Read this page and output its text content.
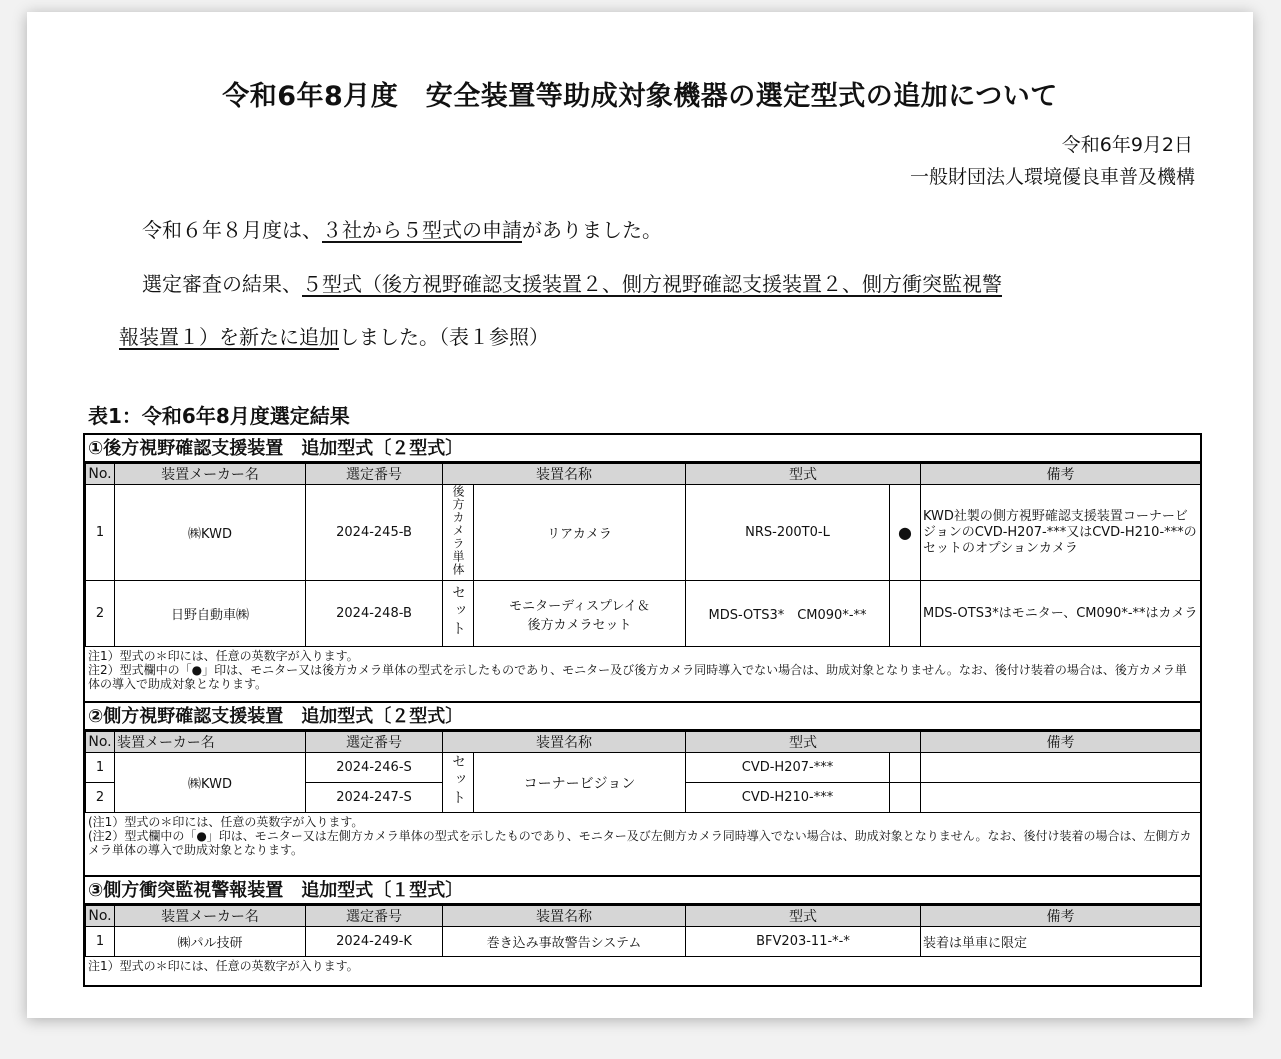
令和6年8月度　安全装置等助成対象機器の選定型式の追加について
令和6年9月2日
一般財団法人環境優良車普及機構
令和６年８月度は、３社から５型式の申請がありました。
選定審査の結果、５型式（後方視野確認支援装置２、側方視野確認支援装置２、側方衝突監視警
報装置１）を新たに追加しました。（表１参照）
表1：令和6年8月度選定結果
①後方視野確認支援装置　追加型式〔２型式〕
No.	装置メーカー名	選定番号	装置名称		型式		備考
1	㈱KWD	2024-245-B	後方カメラ単体	リアカメラ	NRS-200T0-L	●	KWD社製の側方視野確認支援装置コーナービジョンのCVD-H207-***又はCVD-H210-***のセットのオプションカメラ
2	日野自動車㈱	2024-248-B	セット	モニターディスプレイ＆
後方カメラセット	MDS-OTS3*　CM090*-**		MDS-OTS3*はモニター、CM090*-**はカメラ
注1）型式の＊印には、任意の英数字が入ります。
注2）型式欄中の「●」印は、モニター又は後方カメラ単体の型式を示したものであり、モニター及び後方カメラ同時導入でない場合は、助成対象となりません。なお、後付け装着の場合は、後方カメラ単体の導入で助成対象となります。
②側方視野確認支援装置　追加型式〔２型式〕
No.	装置メーカー名	選定番号	装置名称		型式		備考
1	㈱KWD	2024-246-S	セット	コーナービジョン	CVD-H207-***		
2		2024-247-S			CVD-H210-***		
(注1）型式の＊印には、任意の英数字が入ります。
(注2）型式欄中の「●」印は、モニター又は左側方カメラ単体の型式を示したものであり、モニター及び左側方カメラ同時導入でない場合は、助成対象となりません。なお、後付け装着の場合は、左側方カメラ単体の導入で助成対象となります。
③側方衝突監視警報装置　追加型式〔１型式〕
No.	装置メーカー名	選定番号	装置名称	型式	備考
1	㈱パル技研	2024-249-K	巻き込み事故警告システム	BFV203-11-*-*	装着は単車に限定
注1）型式の＊印には、任意の英数字が入ります。
